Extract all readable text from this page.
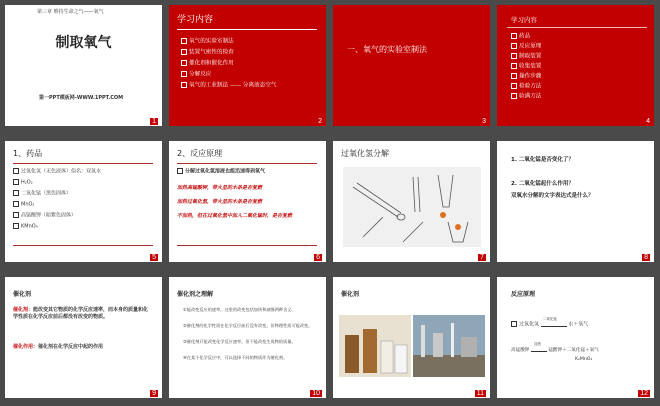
第三章 维持生命之气——氧气
制取氧气
第一PPT模板网-WWW.1PPT.COM
1
学习内容
氧气的实验室制法
装置气密性的检查
催化剂和催化作用
分解反应
氧气的工业制法 —— 分离液态空气
2
一、氧气的实验室制法
3
学习内容
药品
反应原理
制取装置
收集装置
操作步骤
检验方法
验满方法
4
1、药品
过氧化氢（无色液体）俗名：双氧水
H₂O₂
二氧化锰（黑色固体）
MnO₂
高锰酸钾（暗紫色固体）
KMnO₄
5
2、反应原理
分解过氧化氢溶液也能迅速得到氧气
加热高锰酸钾，带火星的木条是否复燃
加热过氧化氢，带火星的木条是否复燃
不加热，但在过氧化氢中加入二氧化锰时，是否复燃
6
过氧化氢分解
7
1. 二氧化锰是否变化了？
2. 二氧化锰起什么作用？
双氧水分解的文字表达式是什么？
8
催化剂
催化剂：能改变其它物质的化学反应速率，而本身的质量和化学性质在化学反应前后都没有改变的物质。
催化作用：催化剂在化学反应中起的作用
9
催化剂之理解
①能改变反应的速率，这里的改变包括加快和减慢两种含义。
②催化剂的化学性质在化学反应前后没有改变，但物理性质可能改变。
③催化剂只能改变化学反应速率，但不能改变生成物的质量。
④在某个化学反应中，可以选择不同的物质作为催化剂。
10
催化剂
11
反应原理
过氧化氢
二氧化锰
水＋氧气
高锰酸钾
加热
锰酸钾＋二氧化锰＋氧气
K₂MnO₄
12
